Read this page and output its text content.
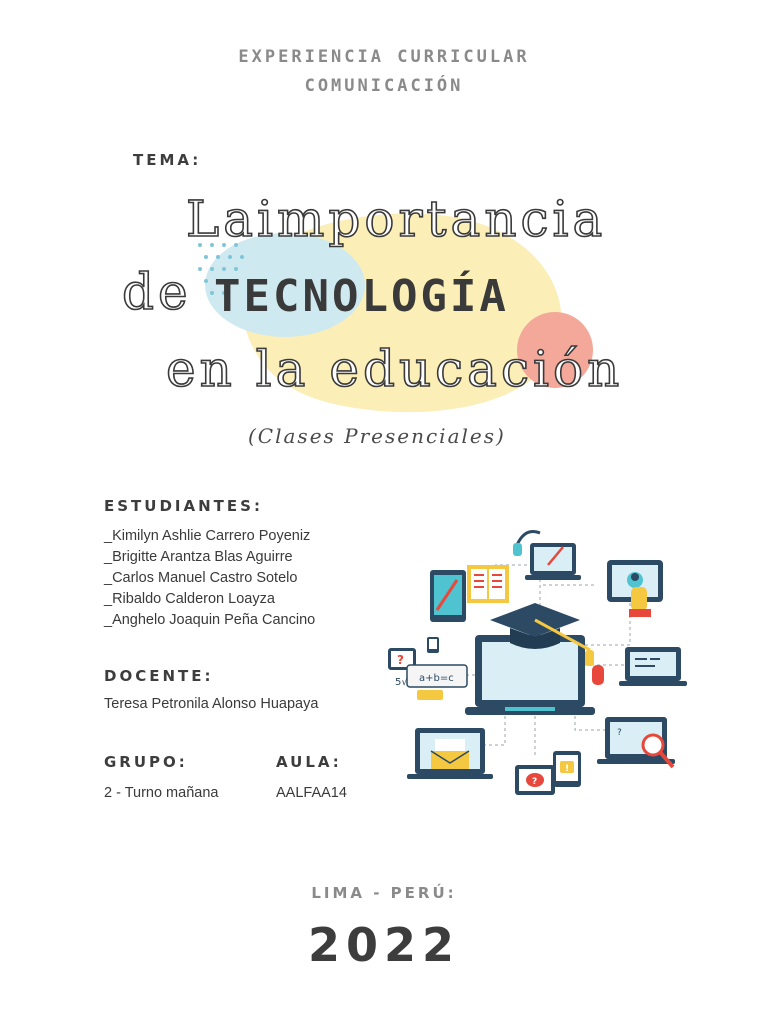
EXPERIENCIA CURRICULAR
COMUNICACIÓN
TEMA:
Laimportancia
de TECNOLOGÍA
en la educación
(Clases Presenciales)
ESTUDIANTES:
_Kimilyn Ashlie Carrero Poyeniz
_Brigitte Arantza Blas Aguirre
_Carlos Manuel Castro Sotelo
_Ribaldo Calderon Loayza
_Anghelo Joaquin Peña Cancino
DOCENTE:
Teresa Petronila Alonso Huapaya
GRUPO:
2 - Turno mañana
AULA:
AALFAA14
?
a+b=c
5√
?
!
?
LIMA - PERÚ:
2022
